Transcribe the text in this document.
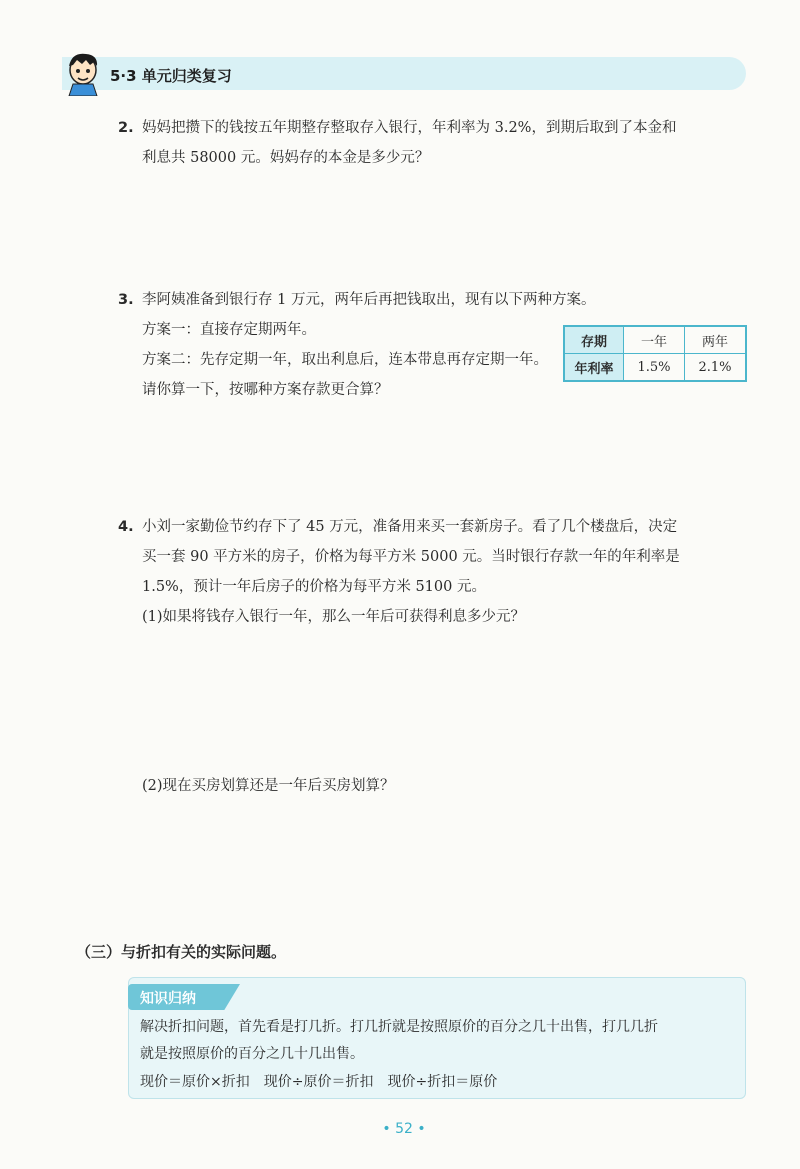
5·3 单元归类复习
2. 妈妈把攒下的钱按五年期整存整取存入银行，年利率为 3.2%，到期后取到了本金和
利息共 58000 元。妈妈存的本金是多少元？
3. 李阿姨准备到银行存 1 万元，两年后再把钱取出，现有以下两种方案。
方案一：直接存定期两年。
方案二：先存定期一年，取出利息后，连本带息再存定期一年。
请你算一下，按哪种方案存款更合算？
存期	一年	两年
年利率	1.5%	2.1%
4. 小刘一家勤俭节约存下了 45 万元，准备用来买一套新房子。看了几个楼盘后，决定
买一套 90 平方米的房子，价格为每平方米 5000 元。当时银行存款一年的年利率是
1.5%，预计一年后房子的价格为每平方米 5100 元。
(1)如果将钱存入银行一年，那么一年后可获得利息多少元？
(2)现在买房划算还是一年后买房划算？
（三）与折扣有关的实际问题。
知识归纳
解决折扣问题，首先看是打几折。打几折就是按照原价的百分之几十出售，打几几折
就是按照原价的百分之几十几出售。
现价＝原价×折扣　现价÷原价＝折扣　现价÷折扣＝原价
• 52 •
